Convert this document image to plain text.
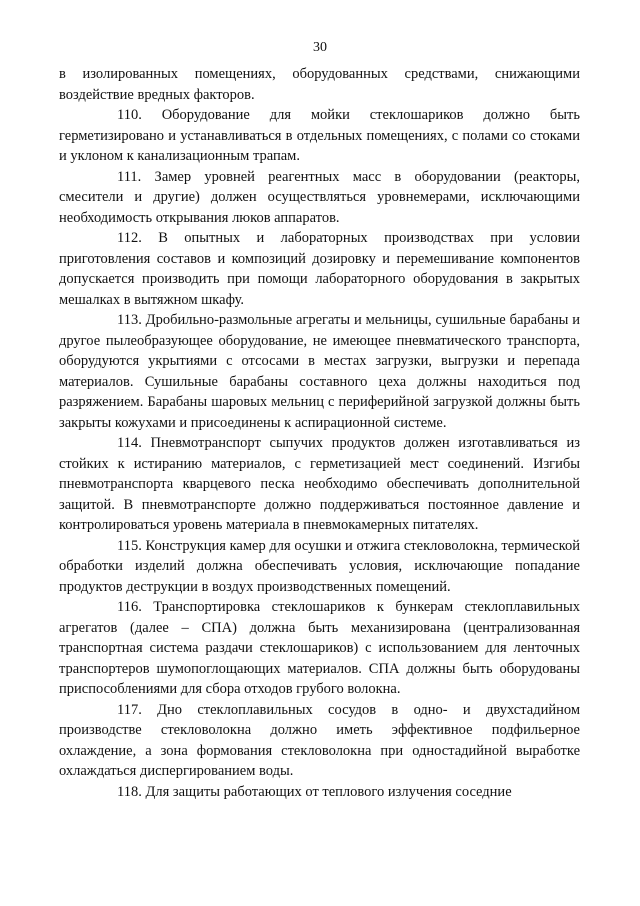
30

в изолированных помещениях, оборудованных средствами, снижающими воздействие вредных факторов.

110. Оборудование для мойки стеклошариков должно быть герметизировано и устанавливаться в отдельных помещениях, с полами со стоками и уклоном к канализационным трапам.

111. Замер уровней реагентных масс в оборудовании (реакторы, смесители и другие) должен осуществляться уровнемерами, исключающими необходимость открывания люков аппаратов.

112. В опытных и лабораторных производствах при условии приготовления составов и композиций дозировку и перемешивание компонентов допускается производить при помощи лабораторного оборудования в закрытых мешалках в вытяжном шкафу.

113. Дробильно-размольные агрегаты и мельницы, сушильные барабаны и другое пылеобразующее оборудование, не имеющее пневматического транспорта, оборудуются укрытиями с отсосами в местах загрузки, выгрузки и перепада материалов. Сушильные барабаны составного цеха должны находиться под разряжением. Барабаны шаровых мельниц с периферийной загрузкой должны быть закрыты кожухами и присоединены к аспирационной системе.

114. Пневмотранспорт сыпучих продуктов должен изготавливаться из стойких к истиранию материалов, с герметизацией мест соединений. Изгибы пневмотранспорта кварцевого песка необходимо обеспечивать дополнительной защитой. В пневмотранспорте должно поддерживаться постоянное давление и контролироваться уровень материала в пневмокамерных питателях.

115. Конструкция камер для осушки и отжига стекловолокна, термической обработки изделий должна обеспечивать условия, исключающие попадание продуктов деструкции в воздух производственных помещений.

116. Транспортировка стеклошариков к бункерам стеклоплавильных агрегатов (далее – СПА) должна быть механизирована (централизованная транспортная система раздачи стеклошариков) с использованием для ленточных транспортеров шумопоглощающих материалов. СПА должны быть оборудованы приспособлениями для сбора отходов грубого волокна.

117. Дно стеклоплавильных сосудов в одно- и двухстадийном производстве стекловолокна должно иметь эффективное подфильерное охлаждение, а зона формования стекловолокна при одностадийной выработке охлаждаться диспергированием воды.

118. Для защиты работающих от теплового излучения соседние
